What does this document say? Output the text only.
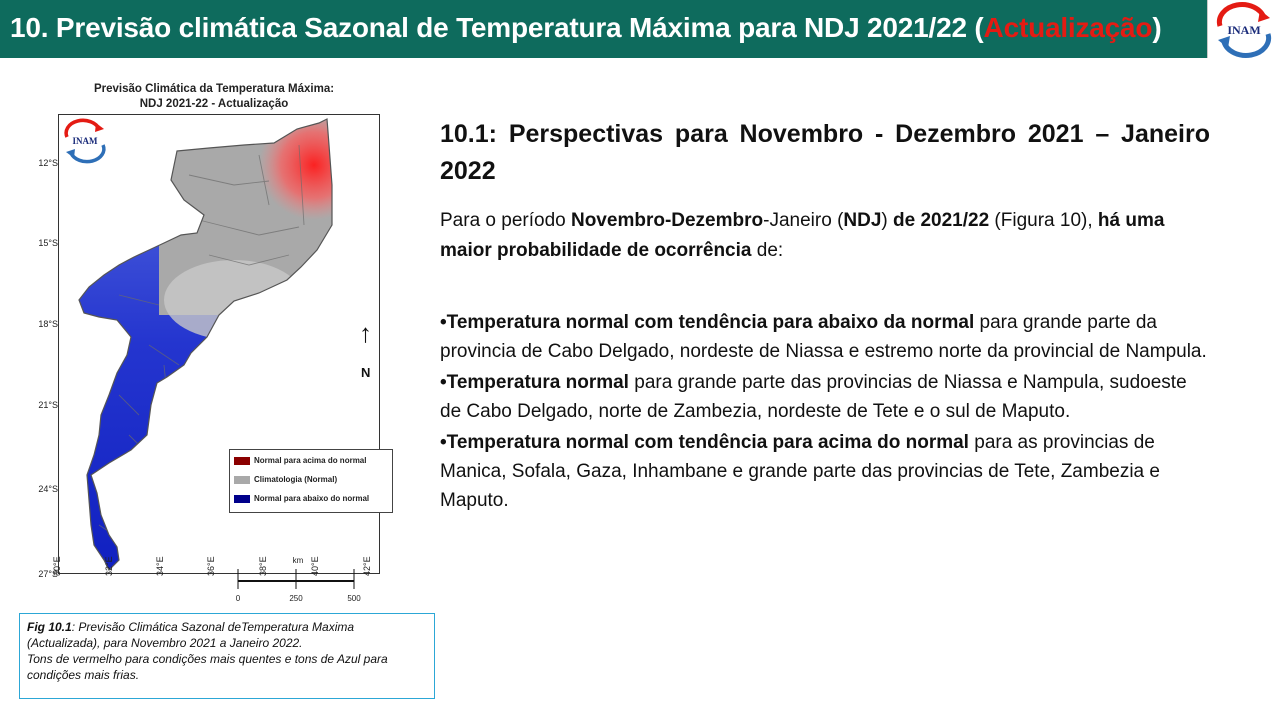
10. Previsão climática Sazonal de Temperatura Máxima para NDJ 2021/22 (Actualização)	INAM
Previsão Climática da Temperatura Máxima:
NDJ 2021-22 - Actualização
12°S
15°S
18°S
21°S
24°S
27°S
INAM
Normal para acima do normal
Climatologia (Normal)
Normal para abaixo do normal
↑
N
km
0	250	500
30°E	32°E	34°E	36°E	38°E	40°E	42°E
Fig 10.1: Previsão Climática Sazonal deTemperatura Maxima (Actualizada), para Novembro 2021 a Janeiro 2022.
Tons de vermelho para condições mais quentes e tons de Azul para condições mais frias.
10.1: Perspectivas para Novembro - Dezembro 2021 – Janeiro 2022
Para o período Novembro-Dezembro-Janeiro (NDJ) de 2021/22 (Figura 10), há uma maior probabilidade de ocorrência de:
•Temperatura normal com tendência para abaixo da normal para grande parte da provincia de Cabo Delgado, nordeste de Niassa e estremo norte da provincial de Nampula.
•Temperatura normal para grande parte das provincias de Niassa e Nampula, sudoeste de Cabo Delgado, norte de Zambezia, nordeste de Tete e o sul de Maputo.
•Temperatura normal com tendência para acima do normal para as provincias de Manica, Sofala, Gaza, Inhambane e grande parte das provincias de Tete, Zambezia e Maputo.
